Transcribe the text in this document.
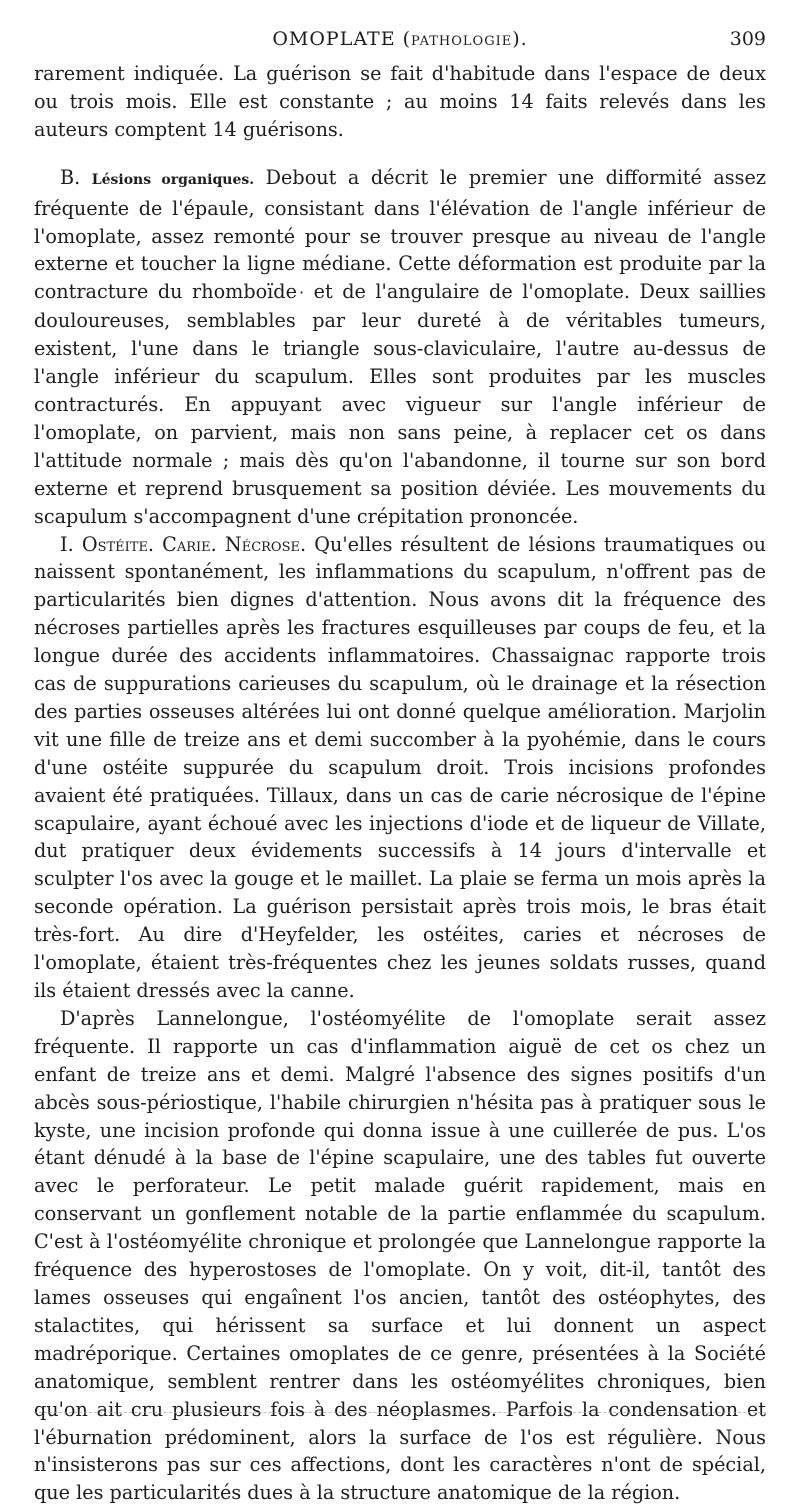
OMOPLATE (pathologie).	309

rarement indiquée. La guérison se fait d'habitude dans l'espace de deux ou trois mois. Elle est constante ; au moins 14 faits relevés dans les auteurs comptent 14 guérisons.

B. Lésions organiques. Debout a décrit le premier une difformité assez fréquente de l'épaule, consistant dans l'élévation de l'angle inférieur de l'omoplate, assez remonté pour se trouver presque au niveau de l'angle externe et toucher la ligne médiane. Cette déformation est produite par la contracture du rhomboïde · et de l'angulaire de l'omoplate. Deux saillies douloureuses, semblables par leur dureté à de véritables tumeurs, existent, l'une dans le triangle sous-claviculaire, l'autre au-dessus de l'angle inférieur du scapulum. Elles sont produites par les muscles contracturés. En appuyant avec vigueur sur l'angle inférieur de l'omoplate, on parvient, mais non sans peine, à replacer cet os dans l'attitude normale ; mais dès qu'on l'abandonne, il tourne sur son bord externe et reprend brusquement sa position déviée. Les mouvements du scapulum s'accompagnent d'une crépitation prononcée.

I. Ostéite. Carie. Nécrose. Qu'elles résultent de lésions traumatiques ou naissent spontanément, les inflammations du scapulum, n'offrent pas de particularités bien dignes d'attention. Nous avons dit la fréquence des nécroses partielles après les fractures esquilleuses par coups de feu, et la longue durée des accidents inflammatoires. Chassaignac rapporte trois cas de suppurations carieuses du scapulum, où le drainage et la résection des parties osseuses altérées lui ont donné quelque amélioration. Marjolin vit une fille de treize ans et demi succomber à la pyohémie, dans le cours d'une ostéite suppurée du scapulum droit. Trois incisions profondes avaient été pratiquées. Tillaux, dans un cas de carie nécrosique de l'épine scapulaire, ayant échoué avec les injections d'iode et de liqueur de Villate, dut pratiquer deux évidements successifs à 14 jours d'intervalle et sculpter l'os avec la gouge et le maillet. La plaie se ferma un mois après la seconde opération. La guérison persistait après trois mois, le bras était très-fort. Au dire d'Heyfelder, les ostéites, caries et nécroses de l'omoplate, étaient très-fréquentes chez les jeunes soldats russes, quand ils étaient dressés avec la canne.

D'après Lannelongue, l'ostéomyélite de l'omoplate serait assez fréquente. Il rapporte un cas d'inflammation aiguë de cet os chez un enfant de treize ans et demi. Malgré l'absence des signes positifs d'un abcès sous-périostique, l'habile chirurgien n'hésita pas à pratiquer sous le kyste, une incision profonde qui donna issue à une cuillerée de pus. L'os étant dénudé à la base de l'épine scapulaire, une des tables fut ouverte avec le perforateur. Le petit malade guérit rapidement, mais en conservant un gonflement notable de la partie enflammée du scapulum. C'est à l'ostéomyélite chronique et prolongée que Lannelongue rapporte la fréquence des hyperostoses de l'omoplate. On y voit, dit-il, tantôt des lames osseuses qui engaînent l'os ancien, tantôt des ostéophytes, des stalactites, qui hérissent sa surface et lui donnent un aspect madréporique. Certaines omoplates de ce genre, présentées à la Société anatomique, semblent rentrer dans les ostéomyélites chroniques, bien qu'on ait cru plusieurs fois à des néoplasmes. Parfois la condensation et l'éburnation prédominent, alors la surface de l'os est régulière. Nous n'insisterons pas sur ces affections, dont les caractères n'ont de spécial, que les particularités dues à la structure anatomique de la région.
